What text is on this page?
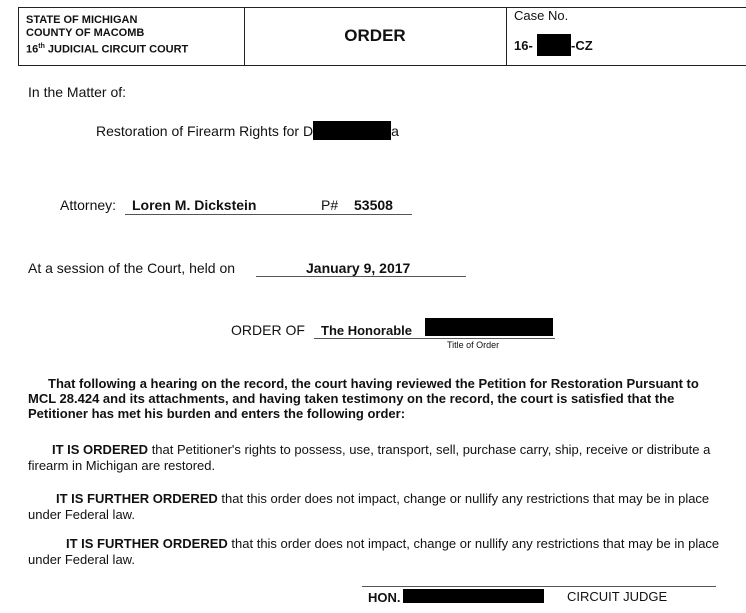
STATE OF MICHIGAN
COUNTY OF MACOMB
16th JUDICIAL CIRCUIT COURT
ORDER
Case No.
16-	-CZ
In the Matter of:
Restoration of Firearm Rights for D	a
Attorney: Loren M. Dickstein	P# 53508
At a session of the Court, held on	January 9, 2017
ORDER OF The Honorable
Title of Order
That following a hearing on the record, the court having reviewed the Petition for Restoration Pursuant to MCL 28.424 and its attachments, and having taken testimony on the record, the court is satisfied that the Petitioner has met his burden and enters the following order:
IT IS ORDERED that Petitioner's rights to possess, use, transport, sell, purchase carry, ship, receive or distribute a firearm in Michigan are restored.
IT IS FURTHER ORDERED that this order does not impact, change or nullify any restrictions that may be in place under Federal law.
IT IS FURTHER ORDERED that this order does not impact, change or nullify any restrictions that may be in place under Federal law.
HON.	CIRCUIT JUDGE
